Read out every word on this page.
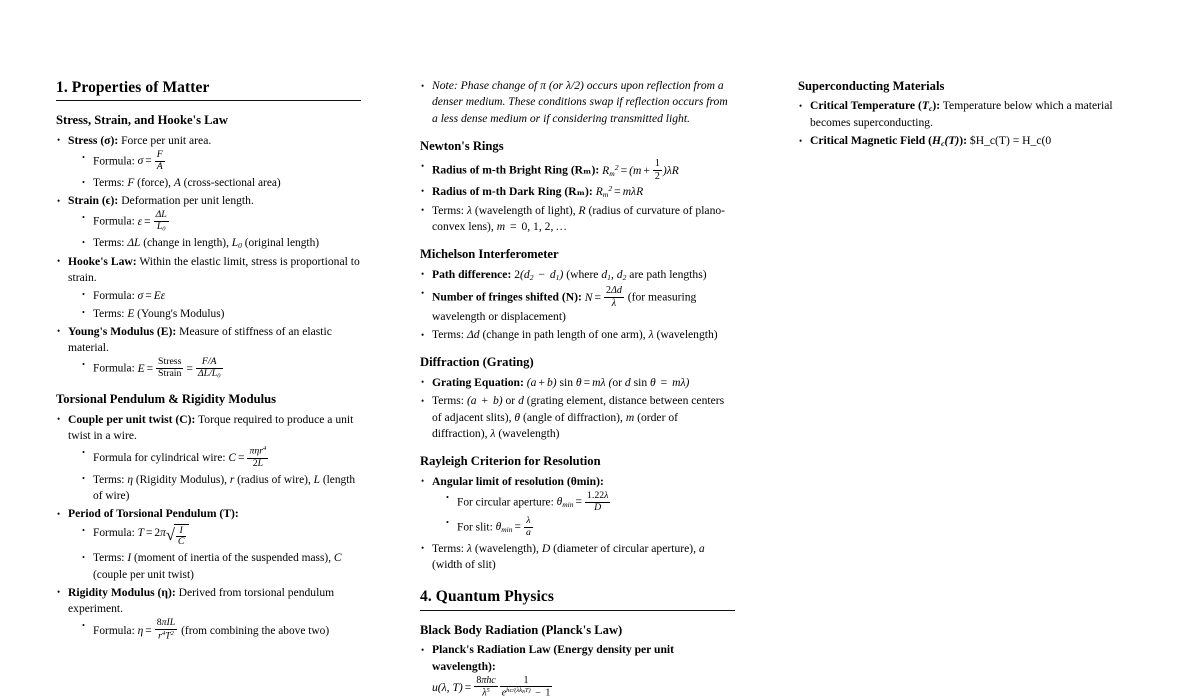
1. Properties of Matter
Stress, Strain, and Hooke's Law
• Stress (σ): Force per unit area.
• Formula: $\sigma = \frac{F}{A}$
• Terms: F (force), A (cross-sectional area)
• Strain (ϵ): Deformation per unit length.
• Formula: $\varepsilon = \frac{\Delta L}{L_0}$
• Terms: ΔL (change in length), $L_0$ (original length)
• Hooke's Law: Within the elastic limit, stress is proportional to strain.
• Formula: σ = Eε
• Terms: E (Young's Modulus)
• Young's Modulus (E): Measure of stiffness of an elastic material.
• Formula: $E = \frac{\text{Stress}}{\text{Strain}} = \frac{F/A}{\Delta L/L_0}$
Torsional Pendulum & Rigidity Modulus
• Couple per unit twist (C): Torque required to produce a unit twist in a wire.
• Formula for cylindrical wire: $C = \frac{\pi\eta r^4}{2L}$
• Terms: η (Rigidity Modulus), r (radius of wire), L (length of wire)
• Period of Torsional Pendulum (T):
• Formula: $T = 2\pi√ \frac{I}{C}$
• Terms: I (moment of inertia of the suspended mass), C (couple per unit twist)
• Rigidity Modulus (η): Derived from torsional pendulum experiment.
• Formula: $\eta = \frac{\text{8πIL}}{r^4T^2}$ (from combining the above two)
• Note: Phase change of π (or λ/2) occurs upon reflection from a denser medium. These conditions swap if reflection occurs from a less dense medium or if considering transmitted light.
Newton's Rings
• Radius of m-th Bright Ring (Rₘ): $R_m^2 = (m + \frac{1}{2} )\lambda R$
• Radius of m-th Dark Ring (Rₘ): $R_m^2 = m\lambda R$
• Terms: λ (wavelength of light), R (radius of curvature of plano-convex lens), m = 0, 1, 2, …
Michelson Interferometer
• Path difference: $2(d_2 - d_1)$ (where $d_1$, $d_2$ are path lengths)
• Number of fringes shifted (N): $N = \frac{2\Delta d}{\lambda} (for$ measuring wavelength or displacement)
• Terms: Δd (change in path length of one arm), λ (wavelength)
Diffraction (Grating)
• Grating Equation: (a + b) sin θ = mλ (or d sin θ = mλ)
• Terms: (a + b) or d (grating element, distance between centers of adjacent slits), θ (angle of diffraction), m (order of diffraction), λ (wavelength)
Rayleigh Criterion for Resolution
• Angular limit of resolution (θmin):
• For circular aperture: $\theta_{min} = \frac{1.22\lambda}{D}$
• For slit: $\theta_{min} = \frac{\lambda}{a}$
• Terms: λ (wavelength), D (diameter of circular aperture), a (width of slit)
4. Quantum Physics
Black Body Radiation (Planck's Law)
• Planck's Radiation Law (Energy density per unit wavelength):
u(λ, $T) = \frac{\text{8πhc}}{\lambda^5} \frac{1}{e^{hc/(\lambda k_BT)} - 1}$
Superconducting Materials
• Critical Temperature $(T_c)$: Temperature below which a material becomes superconducting.
• Critical Magnetic Field $(H_c(T))$: $H_c(T) = H_c(0
